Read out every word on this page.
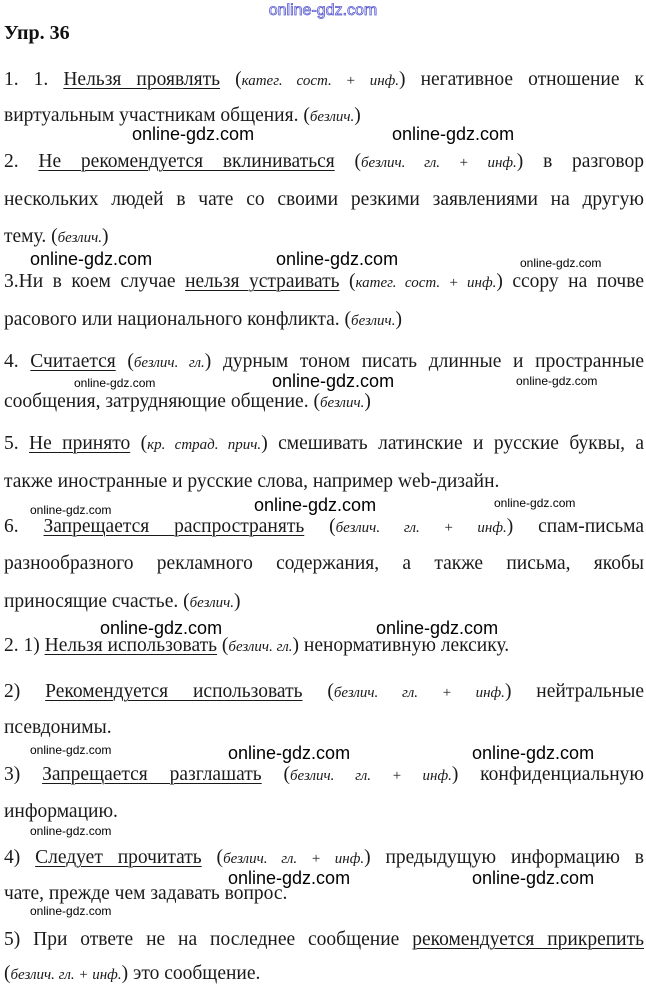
online-gdz.com
Упр. 36
1. 1. Нельзя проявлять (катег. сост. + инф.) негативное отношение к
виртуальным участникам общения. (безлич.)
online-gdz.com	online-gdz.com
2. Не рекомендуется вклиниваться (безлич. гл. + инф.) в разговор
нескольких людей в чате со своими резкими заявлениями на другую
тему. (безлич.)
online-gdz.com	online-gdz.com	online-gdz.com
3.Ни в коем случае нельзя устраивать (катег. сост. + инф.) ссору на почве
расового или национального конфликта. (безлич.)
4. Считается (безлич. гл.) дурным тоном писать длинные и пространные
online-gdz.com	online-gdz.com	online-gdz.com
сообщения, затрудняющие общение. (безлич.)
5. Не принято (кр. страд. прич.) смешивать латинские и русские буквы, а
также иностранные и русские слова, например web-дизайн.
online-gdz.com	online-gdz.com	online-gdz.com
6. Запрещается распространять (безлич. гл. + инф.) спам-письма
разнообразного рекламного содержания, а также письма, якобы
приносящие счастье. (безлич.)
online-gdz.com	online-gdz.com
2. 1) Нельзя использовать (безлич. гл.) ненормативную лексику.
2) Рекомендуется использовать (безлич. гл. + инф.) нейтральные
псевдонимы.
online-gdz.com	online-gdz.com	online-gdz.com
3) Запрещается разглашать (безлич. гл. + инф.) конфиденциальную
информацию.
online-gdz.com
4) Следует прочитать (безлич. гл. + инф.) предыдущую информацию в
online-gdz.com	online-gdz.com
чате, прежде чем задавать вопрос.
online-gdz.com
5) При ответе не на последнее сообщение рекомендуется прикрепить
(безлич. гл. + инф.) это сообщение.
